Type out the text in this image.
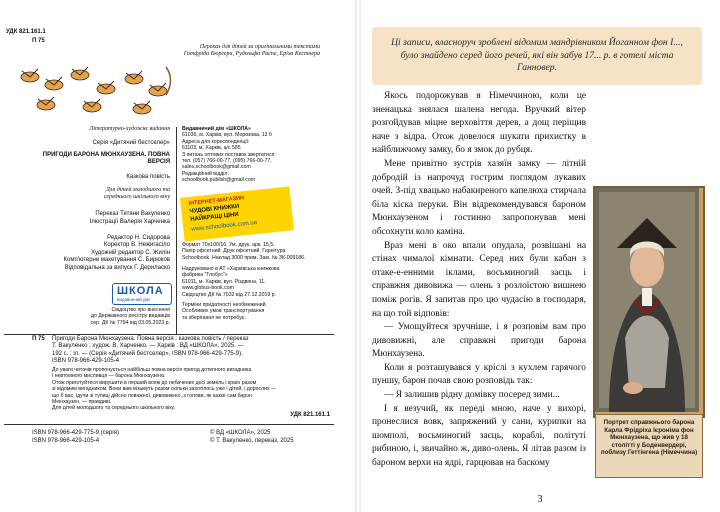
УДК 821.161.1
П 75
Переказ для дітей за оригінальними текстами
Готфріда Бюргера, Рудольфа Распе, Еріха Кестнера
Літературно-художнє видання
Серія «Дитячий бестселер»
ПРИГОДИ БАРОНА МЮНХАУЗЕНА. ПОВНА ВЕРСІЯ
Казкова повість
Для дітей молодшого та
середнього шкільного віку
Переказ Тетяни Вакуленко
Ілюстрації Валерія Харченка
Редактор Н. Сидорова
Коректор В. Нежигасіло
Художній редактор С. Жилін
Комп'ютерне макетування С. Бирюков
Відповідальна за випуск Г. Дериласко
ШКОЛА
видавничий дім
Свідоцтво про внесення
до Державного реєстру видавців
сер. ДК № 7794 від 03.05.2023 р.
Видавничий дім «ШКОЛА»
61036, м. Харків, вул. Морозова, 13 б
Адреса для кореспонденції:
61103, м. Харків, а/с 585
З питань оптових поставок звертатися:
тел. (057) 766-00-77, (095) 766-00-77,
sales.schoolbook@gmail.com
Редакційний відділ:
schoolbook.publish@gmail.com
ІНТЕРНЕТ-МАГАЗИН
ЧУДОВІ КНИЖКИ
НАЙКРАЩІ ЦІНИ
www.schoolbook.com.ua
Формат 70х100/16. Ум. друк. арк. 15,5.
Папір офсетний. Друк офсетний. Гарнітура
Schoolbook. Наклад 3000 прим. Зам. № ЗК-009186.
Надруковано в АТ «Харківська книжкова
фабрика "Глобус"»
61011, м. Харків, вул. Різдвяна, 11.
www.globus-book.com
Свідоцтво ДК № 7032 від 27.12.2019 р.
Терміни придатності необмежений.
Особливих умов транспортування
та зберігання не потребує.
П 75 Пригоди Барона Мюнхаузена. Повна версія : казкова повість / переказ
Т. Вакуленко ; худож. В. Харченко. — Харків : ВД «ШКОЛА», 2025. —
192 с. : іл. — (Серія «Дитячий бестселер», ISBN 978-966-429-775-9).
ISBN 978-966-429-105-4
До уваги читачів пропонується найбільш повна версія пригод дотепного вигадника
і невтомного мисливця — барона Мюнхаузена.
Отож приготуйтеся вирушити в перший вояж до небачених досі земель і країн разом
зі відомим вигадником. Вони вам візьмуть разом скільки захотілось уже і дітей, і дорослих —
що б вас, ідучи зі тупиці дійсно поважної, дивовижної, з голови, як казке сам барон
Мюнхаузен, — правдиві.
Для дітей молодшого та середнього шкільного віку.
УДК 821.161.1
ISBN 978-966-429-775-9 (серія)
ISBN 978-966-429-105-4
© ВД «ШКОЛА», 2025
© Т. Вакуленко, переказ, 2025
Ці записи, власноруч зроблені відомим мандрівником Йоганном фон І..., було знайдено серед його речей, які він забув 17... р. в готелі міста Ганновер.
Якось подорожував я Німеччиною, коли це зненацька знялася шалена негода. Вручкий вітер розгойдував міцне верховіття дерев, а дощ періщив наче з відра. Отож довелося шукати прихистку в найближчому замку, бо я змок до рубця.
Мене привітно зустрів хазяїн замку — літній добродій із напрочуд гострим поглядом лукавих очей. З-під хвацько набакиреного капелюха стирчала біла кіска перуки. Він відрекомендувався бароном Мюнхаузеном і гостинно запропонував мені обсохнути коло каміна.
Враз мені в око впали опудала, розвішані на стінах чималої кімнати. Серед них були кабан з отаке-е-енними іклами, восьминогий заєць і справжня дивовижа — олень з розлоїстою вишнею поміж рогів. Я запитав про цю чудасію в господаря, на що той відповів:
— Умощуйтеся зручніше, і я розповім вам про дивовижні, але справжні пригоди барона Мюнхаузена.
Коли я розташувався у кріслі з кухлем гарячого пуншу, барон почав свою розповідь так:
— Я залишив рідну домівку посеред зими...
І я везучий, як переді мною, наче у вихорі, пронеслися вовк, запряжений у сани, курипки на шомполі, восьминогий заєць, кораблі, політуті рибиною, і, звичайно ж, диво-олень. Я літав разом із бароном верхи на ядрі, гарцював на баскому
Портрет справжнього барона Карла Фрідріха Ієроніма фон Мюнхаузена, що жив у 18 столітті у Боденвердері, поблизу Геттінгена (Німеччина)
3
